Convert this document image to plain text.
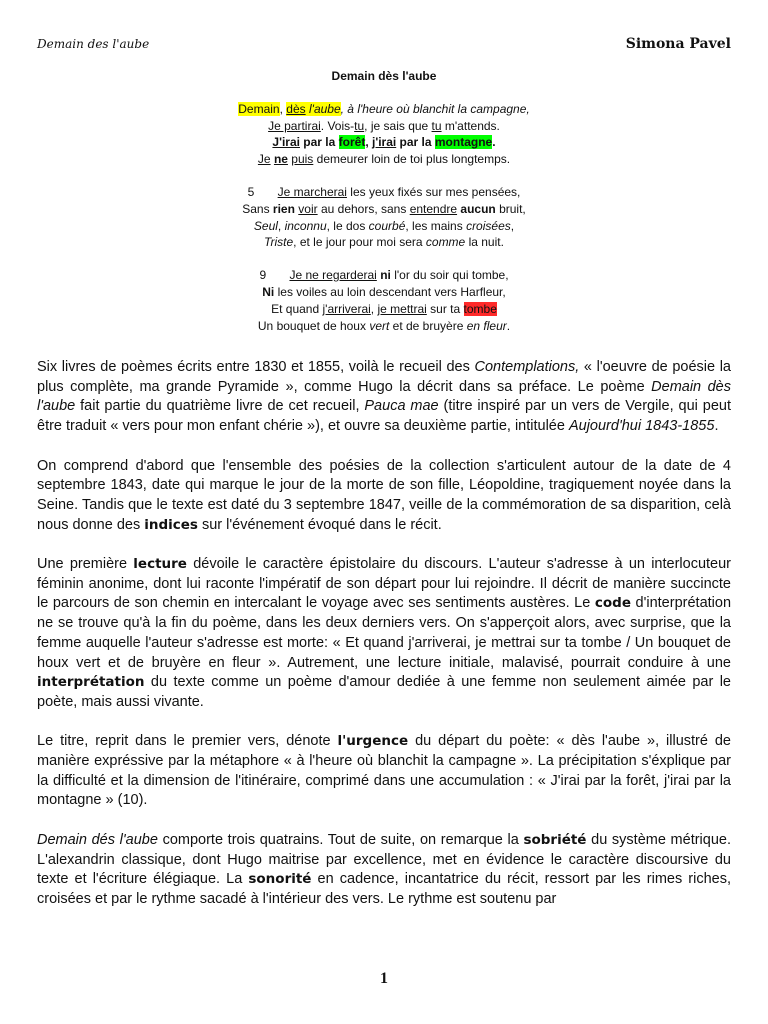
Demain des l'aube	Simona Pavel
Demain dès l'aube
Demain, dès l'aube, à l'heure où blanchit la campagne,
Je partirai. Vois-tu, je sais que tu m'attends.
J'irai par la forêt, j'irai par la montagne.
Je ne puis demeurer loin de toi plus longtemps.
5 Je marcherai les yeux fixés sur mes pensées,
Sans rien voir au dehors, sans entendre aucun bruit,
Seul, inconnu, le dos courbé, les mains croisées,
Triste, et le jour pour moi sera comme la nuit.
9 Je ne regarderai ni l'or du soir qui tombe,
Ni les voiles au loin descendant vers Harfleur,
Et quand j'arriverai, je mettrai sur ta tombe
Un bouquet de houx vert et de bruyère en fleur.

Six livres de poèmes écrits entre 1830 et 1855, voilà le recueil des Contemplations, « l'oeuvre de poésie la plus complète, ma grande Pyramide », comme Hugo la décrit dans sa préface. Le poème Demain dès l'aube fait partie du quatrième livre de cet recueil, Pauca mae (titre inspiré par un vers de Vergile, qui peut être traduit « vers pour mon enfant chérie »), et ouvre sa deuxième partie, intitulée Aujourd'hui 1843-1855.

On comprend d'abord que l'ensemble des poésies de la collection s'articulent autour de la date de 4 septembre 1843, date qui marque le jour de la morte de son fille, Léopoldine, tragiquement noyée dans la Seine. Tandis que le texte est daté du 3 septembre 1847, veille de la commémoration de sa disparition, celà nous donne des indices sur l'événement évoqué dans le récit.

Une première lecture dévoile le caractère épistolaire du discours. L'auteur s'adresse à un interlocuteur féminin anonime, dont lui raconte l'impératif de son départ pour lui rejoindre. Il décrit de manière succincte le parcours de son chemin en intercalant le voyage avec ses sentiments austères. Le code d'interprétation ne se trouve qu'à la fin du poème, dans les deux derniers vers. On s'apperçoit alors, avec surprise, que la femme auquelle l'auteur s'adresse est morte: « Et quand j'arriverai, je mettrai sur ta tombe / Un bouquet de houx vert et de bruyère en fleur ». Autrement, une lecture initiale, malavisé, pourrait conduire à une interprétation du texte comme un poème d'amour dediée à une femme non seulement aimée par le poète, mais aussi vivante.

Le titre, reprit dans le premier vers, dénote l'urgence du départ du poète: « dès l'aube », illustré de manière expréssive par la métaphore « à l'heure où blanchit la campagne ». La précipitation s'éxplique par la difficulté et la dimension de l'itinéraire, comprimé dans une accumulation : « J'irai par la forêt, j'irai par la montagne » (10).

Demain dés l'aube comporte trois quatrains. Tout de suite, on remarque la sobriété du système métrique. L'alexandrin classique, dont Hugo maitrise par excellence, met en évidence le caractère discoursive du texte et l'écriture élégiaque. La sonorité en cadence, incantatrice du récit, ressort par les rimes riches, croisées et par le rythme sacadé à l'intérieur des vers. Le rythme est soutenu par

1
